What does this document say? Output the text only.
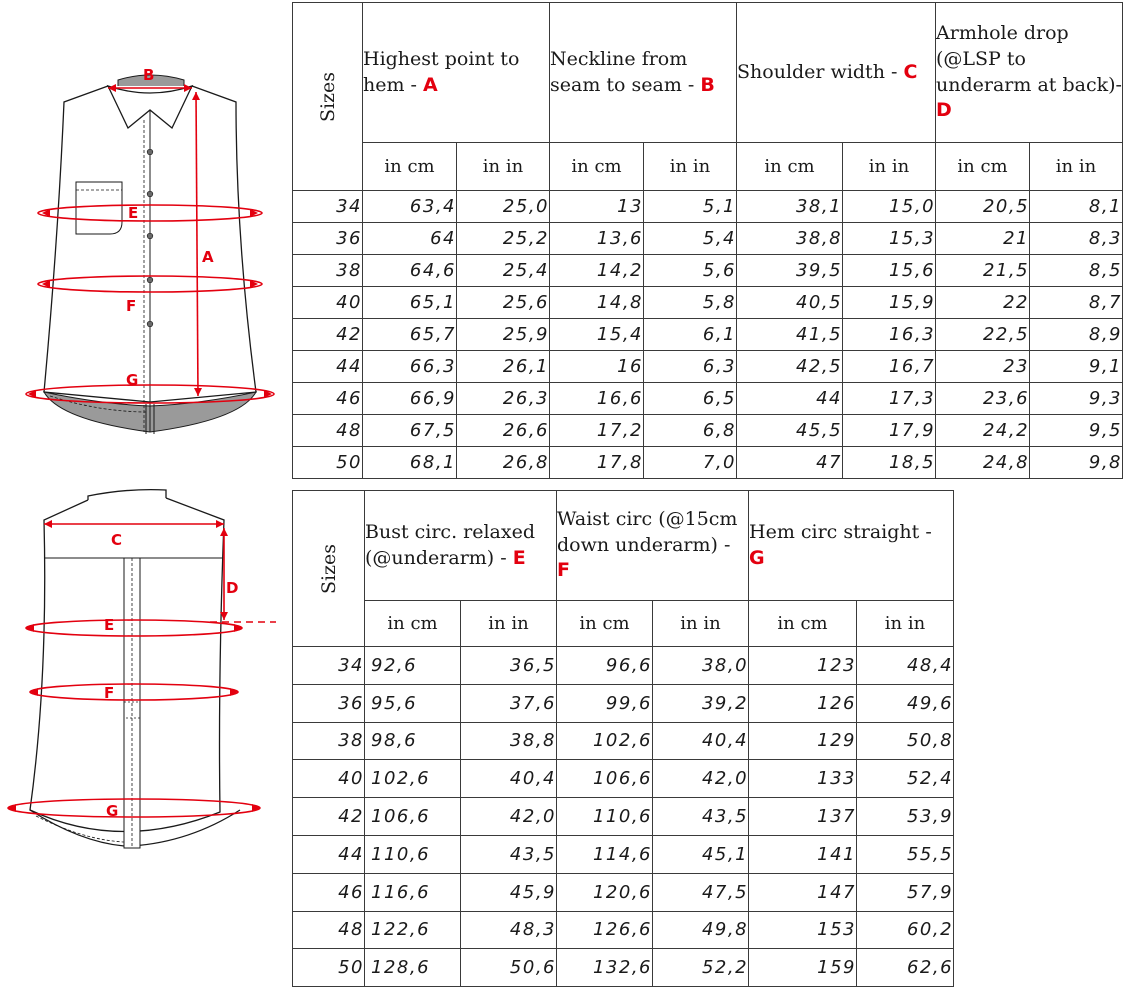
B
A
E
F
G
C
D
E
F
G
Sizes	Highest point to hem - A		Neckline from seam to seam - B		Shoulder width - C		Armhole drop (@LSP to underarm at back)- D	
	in cm	in in	in cm	in in	in cm	in in	in cm	in in
34	63,4	25,0	13	5,1	38,1	15,0	20,5	8,1
36	64	25,2	13,6	5,4	38,8	15,3	21	8,3
38	64,6	25,4	14,2	5,6	39,5	15,6	21,5	8,5
40	65,1	25,6	14,8	5,8	40,5	15,9	22	8,7
42	65,7	25,9	15,4	6,1	41,5	16,3	22,5	8,9
44	66,3	26,1	16	6,3	42,5	16,7	23	9,1
46	66,9	26,3	16,6	6,5	44	17,3	23,6	9,3
48	67,5	26,6	17,2	6,8	45,5	17,9	24,2	9,5
50	68,1	26,8	17,8	7,0	47	18,5	24,8	9,8
Sizes	Bust circ. relaxed (@underarm) - E		Waist circ (@15cm down underarm) - F		Hem circ straight - G	
	in cm	in in	in cm	in in	in cm	in in
34	92,6	36,5	96,6	38,0	123	48,4
36	95,6	37,6	99,6	39,2	126	49,6
38	98,6	38,8	102,6	40,4	129	50,8
40	102,6	40,4	106,6	42,0	133	52,4
42	106,6	42,0	110,6	43,5	137	53,9
44	110,6	43,5	114,6	45,1	141	55,5
46	116,6	45,9	120,6	47,5	147	57,9
48	122,6	48,3	126,6	49,8	153	60,2
50	128,6	50,6	132,6	52,2	159	62,6
